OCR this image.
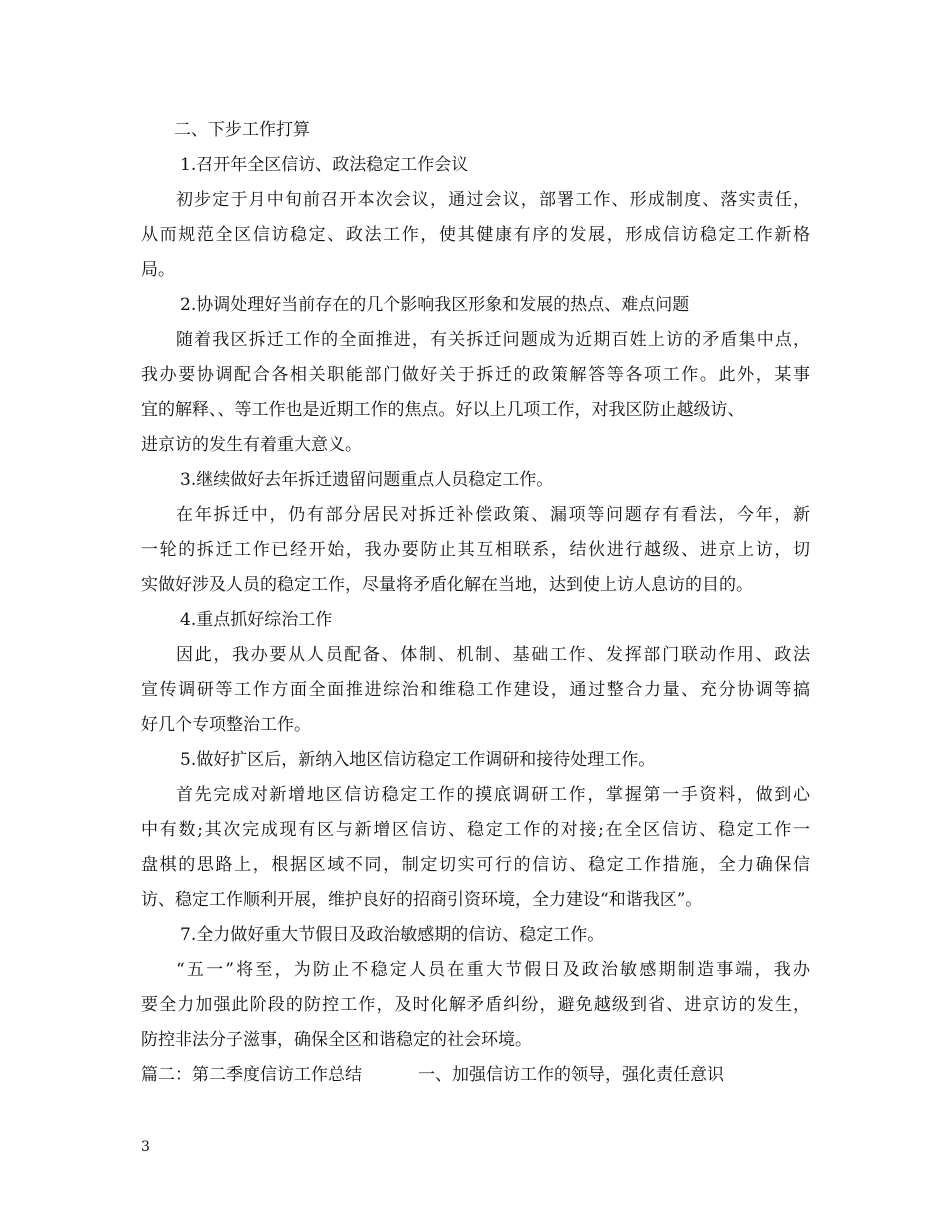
二、下步工作打算
1.召开年全区信访、政法稳定工作会议
初步定于月中旬前召开本次会议，通过会议，部署工作、形成制度、落实责任，
从而规范全区信访稳定、政法工作，使其健康有序的发展，形成信访稳定工作新格
局。
2.协调处理好当前存在的几个影响我区形象和发展的热点、难点问题
随着我区拆迁工作的全面推进，有关拆迁问题成为近期百姓上访的矛盾集中点，
我办要协调配合各相关职能部门做好关于拆迁的政策解答等各项工作。此外，某事
宜的解释、、等工作也是近期工作的焦点。好以上几项工作，对我区防止越级访、
进京访的发生有着重大意义。
3.继续做好去年拆迁遗留问题重点人员稳定工作。
在年拆迁中，仍有部分居民对拆迁补偿政策、漏项等问题存有看法，今年，新
一轮的拆迁工作已经开始，我办要防止其互相联系，结伙进行越级、进京上访，切
实做好涉及人员的稳定工作，尽量将矛盾化解在当地，达到使上访人息访的目的。
4.重点抓好综治工作
因此，我办要从人员配备、体制、机制、基础工作、发挥部门联动作用、政法
宣传调研等工作方面全面推进综治和维稳工作建设，通过整合力量、充分协调等搞
好几个专项整治工作。
5.做好扩区后，新纳入地区信访稳定工作调研和接待处理工作。
首先完成对新增地区信访稳定工作的摸底调研工作，掌握第一手资料，做到心
中有数;其次完成现有区与新增区信访、稳定工作的对接;在全区信访、稳定工作一
盘棋的思路上，根据区域不同，制定切实可行的信访、稳定工作措施，全力确保信
访、稳定工作顺利开展，维护良好的招商引资环境，全力建设“和谐我区”。
7.全力做好重大节假日及政治敏感期的信访、稳定工作。
“五一”将至，为防止不稳定人员在重大节假日及政治敏感期制造事端，我办
要全力加强此阶段的防控工作，及时化解矛盾纠纷，避免越级到省、进京访的发生，
防控非法分子滋事，确保全区和谐稳定的社会环境。
篇二：第二季度信访工作总结	一、加强信访工作的领导，强化责任意识
3
